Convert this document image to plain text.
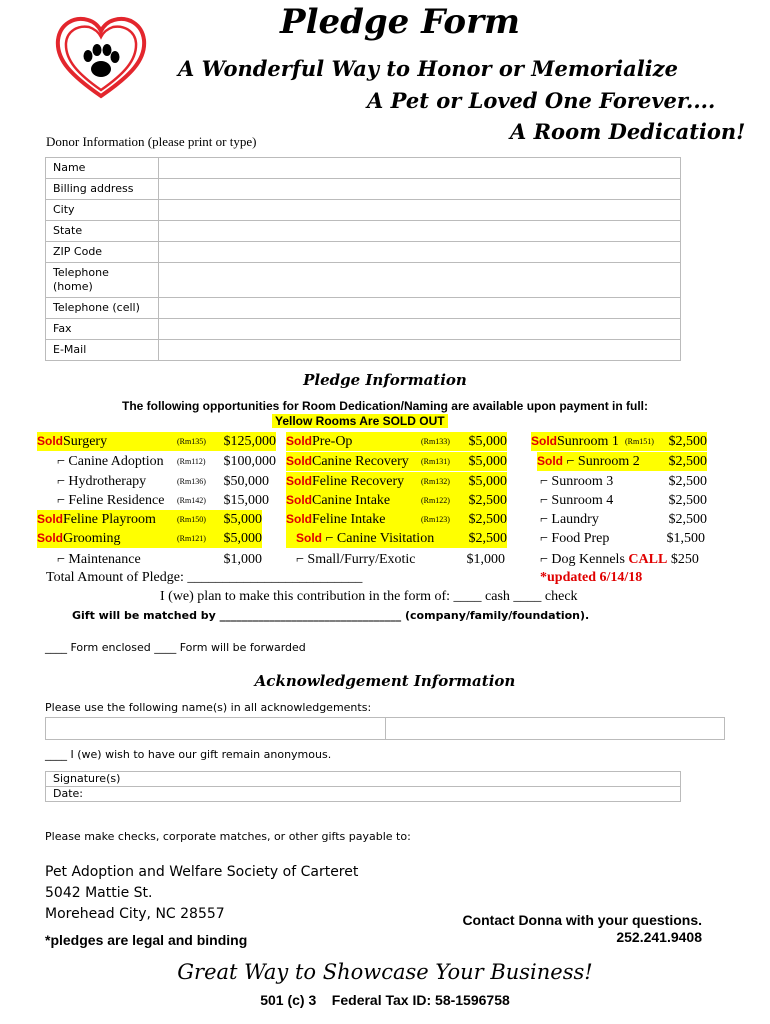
Pledge Form
A Wonderful Way to Honor or Memorialize
A Pet or Loved One Forever....
A Room Dedication!
Donor Information (please print or type)
Name	
Billing address	
City	
State	
ZIP Code	
Telephone (home)	
Telephone (cell)	
Fax	
E-Mail	
Pledge Information
The following opportunities for Room Dedication/Naming are available upon payment in full:
Yellow Rooms Are SOLD OUT
SoldSurgery	(Rm135) $125,000
⌐ Canine Adoption (Rm112) $100,000
⌐ Hydrotherapy	(Rm136) $50,000
⌐ Feline Residence (Rm142) $15,000
SoldFeline Playroom	(Rm150) $5,000
SoldGrooming	(Rm121) $5,000
⌐ Maintenance	$1,000
SoldPre-Op	(Rm133) $5,000
SoldCanine Recovery (Rm131) $5,000
SoldFeline Recovery (Rm132) $5,000
SoldCanine Intake	(Rm122) $2,500
SoldFeline Intake	(Rm123) $2,500
Sold ⌐ Canine Visitation $2,500
⌐ Small/Furry/Exotic	$1,000
SoldSunroom 1 (Rm151) $2,500
Sold ⌐ Sunroom 2 $2,500
⌐ Sunroom 3	$2,500
⌐ Sunroom 4	$2,500
⌐ Laundry	$2,500
⌐ Food Prep	$1,500
⌐ Dog Kennels CALL $250
Total Amount of Pledge: _________________________	*updated 6/14/18
I (we) plan to make this contribution in the form of: ____ cash ____ check
Gift will be matched by _________________________________ (company/family/foundation).
____ Form enclosed ____ Form will be forwarded
Acknowledgement Information
Please use the following name(s) in all acknowledgements:

____ I (we) wish to have our gift remain anonymous.
Signature(s)
Date:
Please make checks, corporate matches, or other gifts payable to:
Pet Adoption and Welfare Society of Carteret
5042 Mattie St.
Morehead City, NC 28557	Contact Donna with your questions.
252.241.9408
*pledges are legal and binding
Great Way to Showcase Your Business!
501 (c) 3    Federal Tax ID: 58-1596758
